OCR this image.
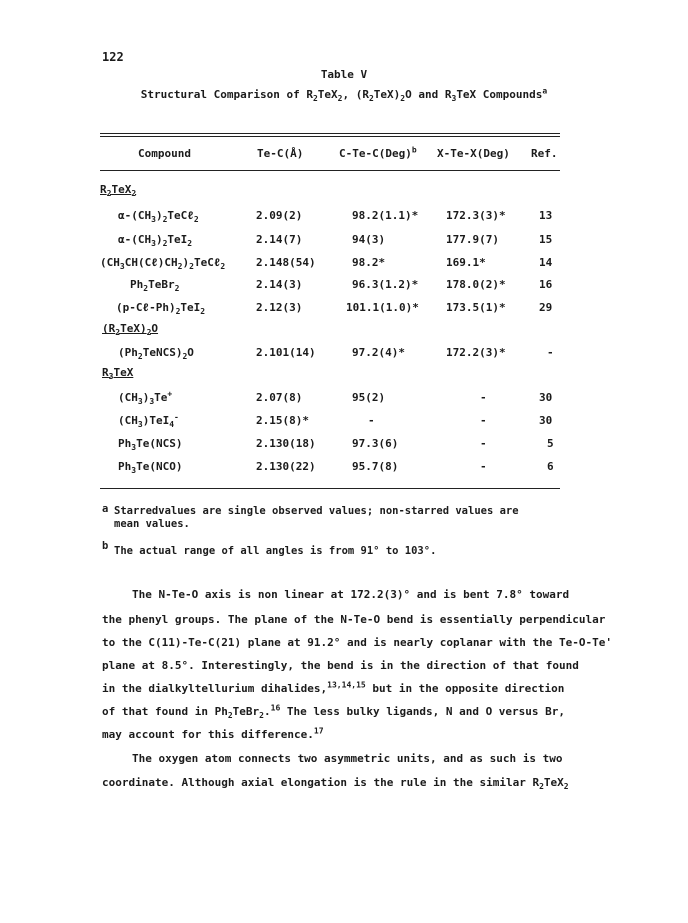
122
Table V
Structural Comparison of $R_2TeX_2$, $(R_2TeX)_2O$ and $R_3TeX$ Compounds$^a$
Compound	Te-C(Å)	C-Te-C(Deg)$^b$ X-Te-X(Deg) Ref.
$R_2TeX_2$
$\alpha-(CH_3)_2TeC\ell_2$	2.09(2)	98.2(1.1)*	172.3(3)*	13
$\alpha-(CH_3)_2TeI_2$	2.14(7)	94(3)	177.9(7)	15
$(CH_3CH(C\ell)CH_2)_2TeC\ell_2$	2.148(54)	98.2*	169.1*	14
$Ph_2TeBr_2$	2.14(3)	96.3(1.2)*	178.0(2)*	16
$(p-C\ell-Ph)_2TeI_2$	2.12(3)	101.1(1.0)* 173.5(1)*	29
$(R_2TeX)_2O$
$(Ph_2TeNCS)_2O$	2.101(14)	97.2(4)*	172.2(3)*	-
$R_3TeX$
$(CH_3)_3Te^+$	2.07(8)	95(2)	-	30
$(CH_3)TeI_4^-$	2.15(8)*	-	-	30
$Ph_3Te(NCS)$	2.130(18)	97.3(6)	-	5
$Ph_3Te(NCO)$	2.130(22)	95.7(8)	-	6
a Starredvalues are single observed values; non-starred values are
mean values.
b The actual range of all angles is from 91° to 103°.
The N-Te-O axis is non linear at 172.2(3)° and is bent 7.8° toward
the phenyl groups. The plane of the N-Te-O bend is essentially perpendicular
to the C(11)-Te-C(21) plane at 91.2° and is nearly coplanar with the Te-O-Te'
plane at 8.5°. Interestingly, the bend is in the direction of that found
in the dialkyltellurium dihalides,$^{13,14,15}$ but in the opposite direction
of that found in $Ph_2TeBr_2.^{16}$ The less bulky ligands, N and O versus Br,
may account for this difference.$^{17}$
The oxygen atom connects two asymmetric units, and as such is two
coordinate. Although axial elongation is the rule in the similar $R_2TeX_2$
